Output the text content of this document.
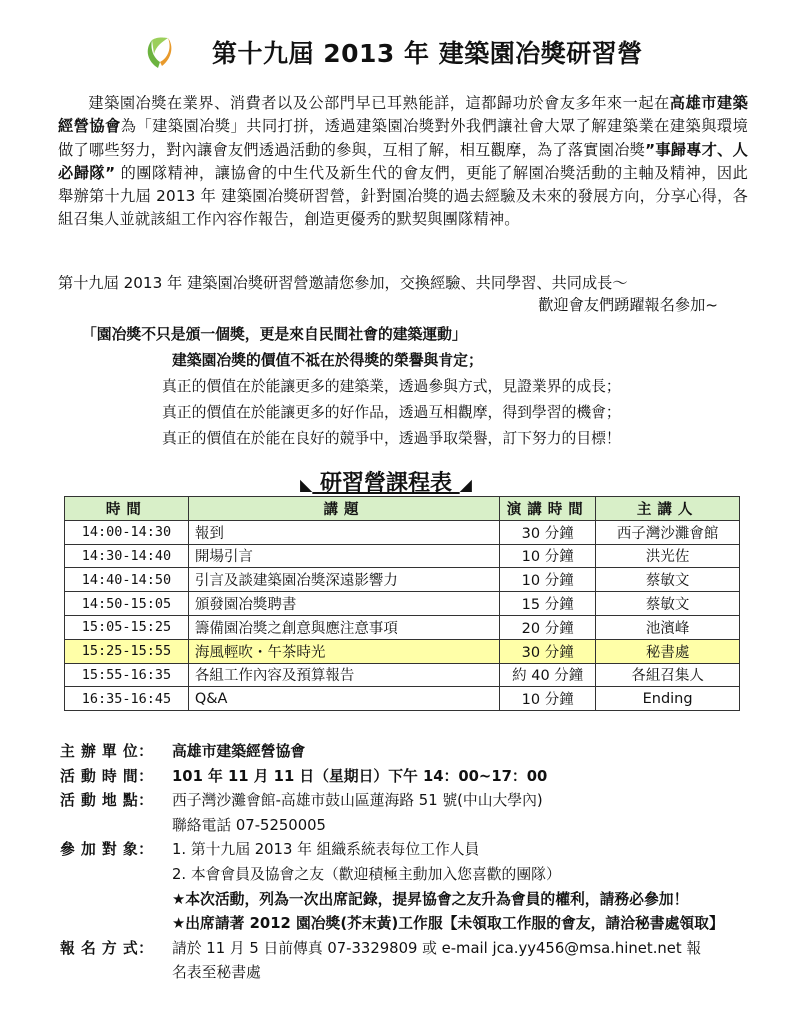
第十九屆 2013 年 建築園冶獎研習營

建築園冶獎在業界、消費者以及公部門早已耳熟能詳，這都歸功於會友多年來一起在高雄市建築經營協會為「建築園冶獎」共同打拼，透過建築園冶獎對外我們讓社會大眾了解建築業在建築與環境做了哪些努力，對內讓會友們透過活動的參與，互相了解，相互觀摩，為了落實園冶獎”事歸專才、人必歸隊” 的團隊精神，讓協會的中生代及新生代的會友們，更能了解園冶獎活動的主軸及精神，因此舉辦第十九屆 2013 年 建築園冶獎研習營，針對園冶獎的過去經驗及未來的發展方向，分享心得，各組召集人並就該組工作內容作報告，創造更優秀的默契與團隊精神。

第十九屆 2013 年 建築園冶獎研習營邀請您參加，交換經驗、共同學習、共同成長～
歡迎會友們踴躍報名參加~
「園冶獎不只是頒一個獎，更是來自民間社會的建築運動」
建築園冶獎的價值不祗在於得獎的榮譽與肯定；
真正的價值在於能讓更多的建築業，透過參與方式，見證業界的成長；
真正的價值在於能讓更多的好作品，透過互相觀摩，得到學習的機會；
真正的價值在於能在良好的競爭中，透過爭取榮譽，訂下努力的目標！
◣ 研習營課程表 ◢
時間	講題	演講時間	主講人
14:00-14:30	報到	30 分鐘	西子灣沙灘會館
14:30-14:40	開場引言	10 分鐘	洪光佐
14:40-14:50	引言及談建築園冶獎深遠影響力	10 分鐘	蔡敏文
14:50-15:05	頒發園冶獎聘書	15 分鐘	蔡敏文
15:05-15:25	籌備園冶獎之創意與應注意事項	20 分鐘	池濱峰
15:25-15:55	海風輕吹・午茶時光	30 分鐘	秘書處
15:55-16:35	各組工作內容及預算報告	約 40 分鐘	各組召集人
16:35-16:45	Q&A	10 分鐘	Ending
主 辦 單 位：	高雄市建築經營協會
活 動 時 間：	101 年 11 月 11 日（星期日）下午 14：00~17：00
活 動 地 點：	西子灣沙灘會館-高雄市鼓山區蓮海路 51 號(中山大學內)
聯絡電話 07-5250005
參 加 對 象：	1. 第十九屆 2013 年 組織系統表每位工作人員
2. 本會會員及協會之友（歡迎積極主動加入您喜歡的團隊）
★本次活動，列為一次出席記錄，提昇協會之友升為會員的權利，請務必參加！
★出席請著 2012 園冶獎(芥末黃)工作服【未領取工作服的會友，請洽秘書處領取】
報 名 方 式：	請於 11 月 5 日前傳真 07-3329809 或 e-mail jca.yy456@msa.hinet.net 報
名表至秘書處
